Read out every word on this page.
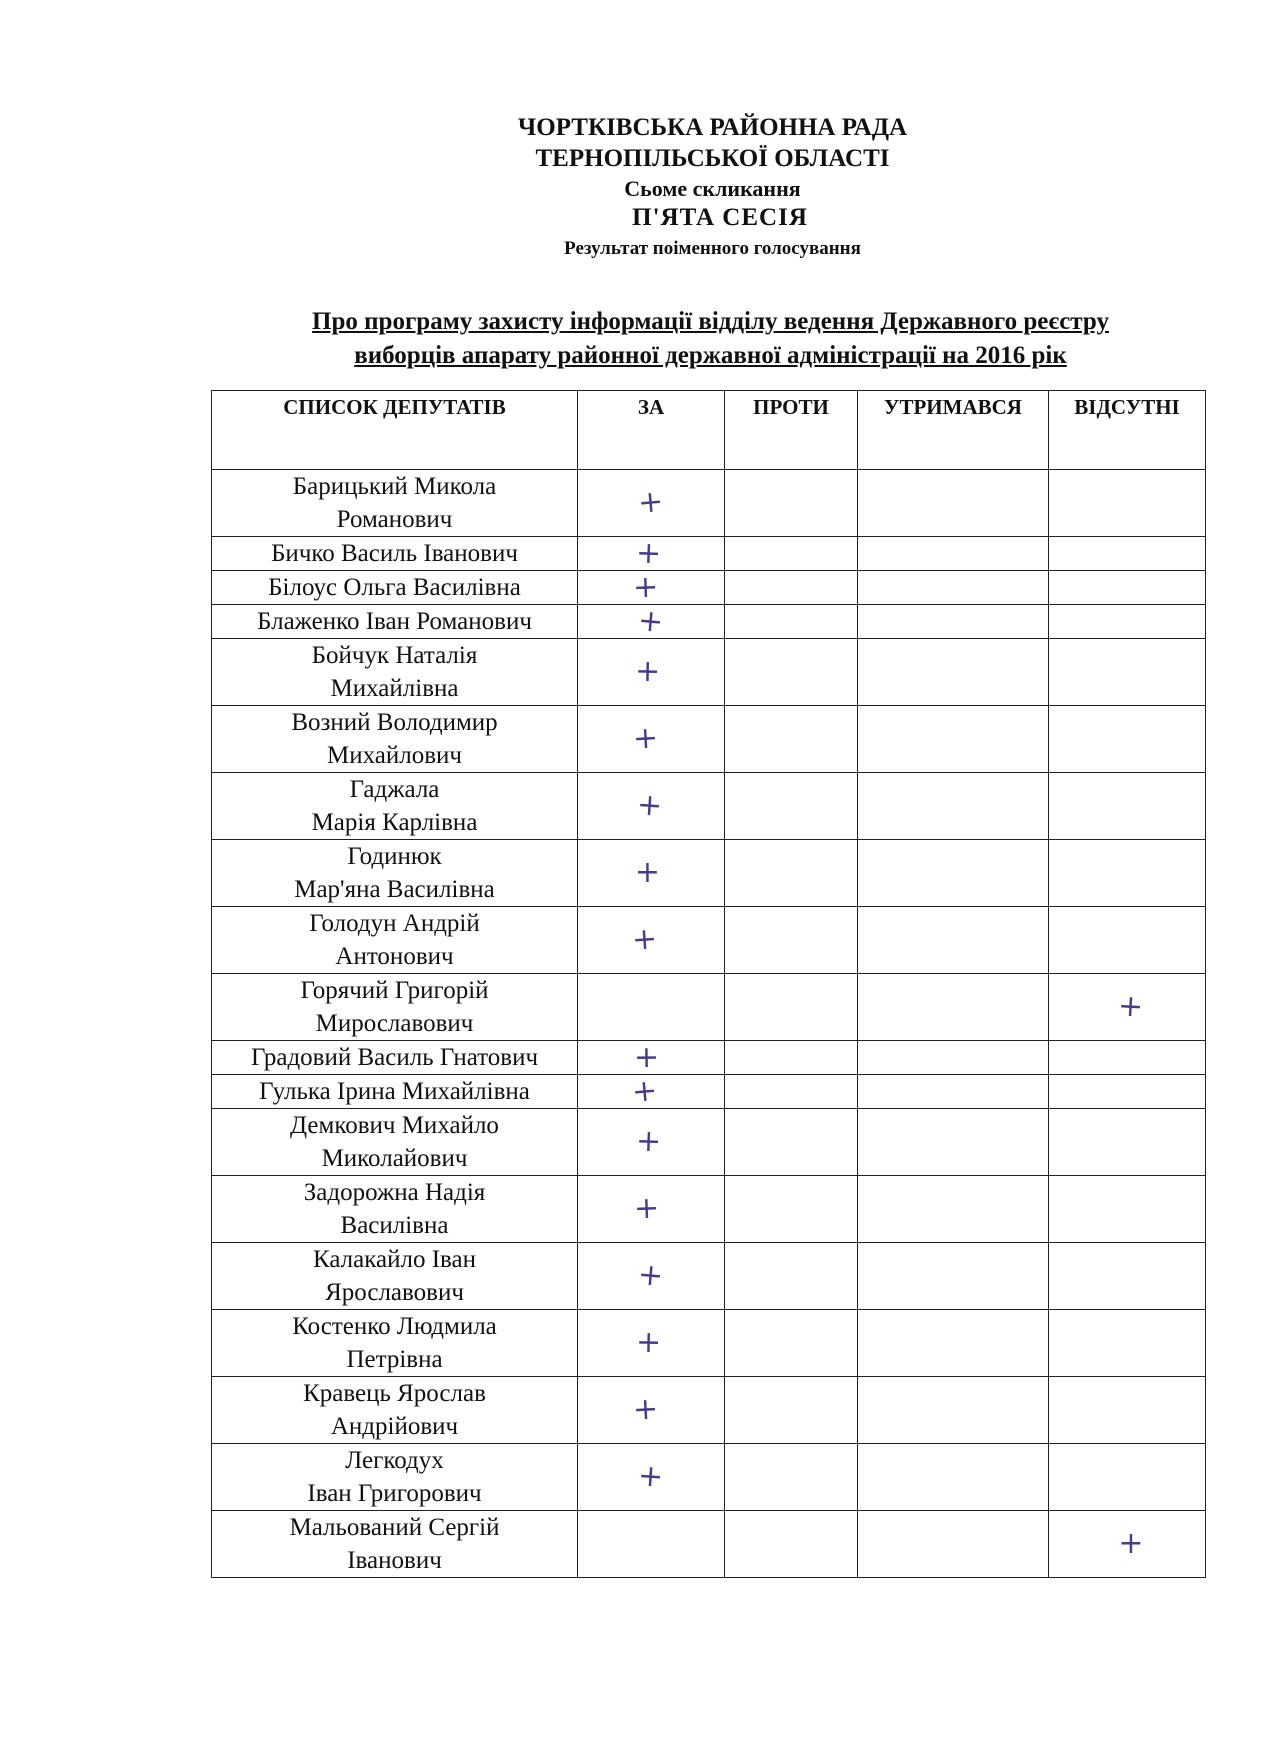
ЧОРТКІВСЬКА РАЙОННА РАДА
ТЕРНОПІЛЬСЬКОЇ ОБЛАСТІ
Сьоме скликання
П'ЯТА СЕСІЯ
Результат поіменного голосування
Про програму захисту інформації відділу ведення Державного реєстру
виборців апарату районної державної адміністрації на 2016 рік
СПИСОК ДЕПУТАТІВ	ЗА	ПРОТИ	УТРИМАВСЯ	ВІДСУТНІ

Барицький Микола
Романович	+			

Бичко Василь Іванович	+			

Білоус Ольга Василівна	+			

Блаженко Іван Романович	+			

Бойчук Наталія
Михайлівна	+			

Возний Володимир
Михайлович	+			

Гаджала
Марія Карлівна	+			

Годинюк
Мар'яна Василівна	+			

Голодун Андрій
Антонович	+			

Горячий Григорій
Мирославович				+

Градовий Василь Гнатович	+			

Гулька Ірина Михайлівна	+			

Демкович Михайло
Миколайович	+			

Задорожна Надія
Василівна	+			

Калакайло Іван
Ярославович	+			

Костенко Людмила
Петрівна	+			

Кравець Ярослав
Андрійович	+			

Легкодух
Іван Григорович	+			

Мальований Сергій
Іванович				+
